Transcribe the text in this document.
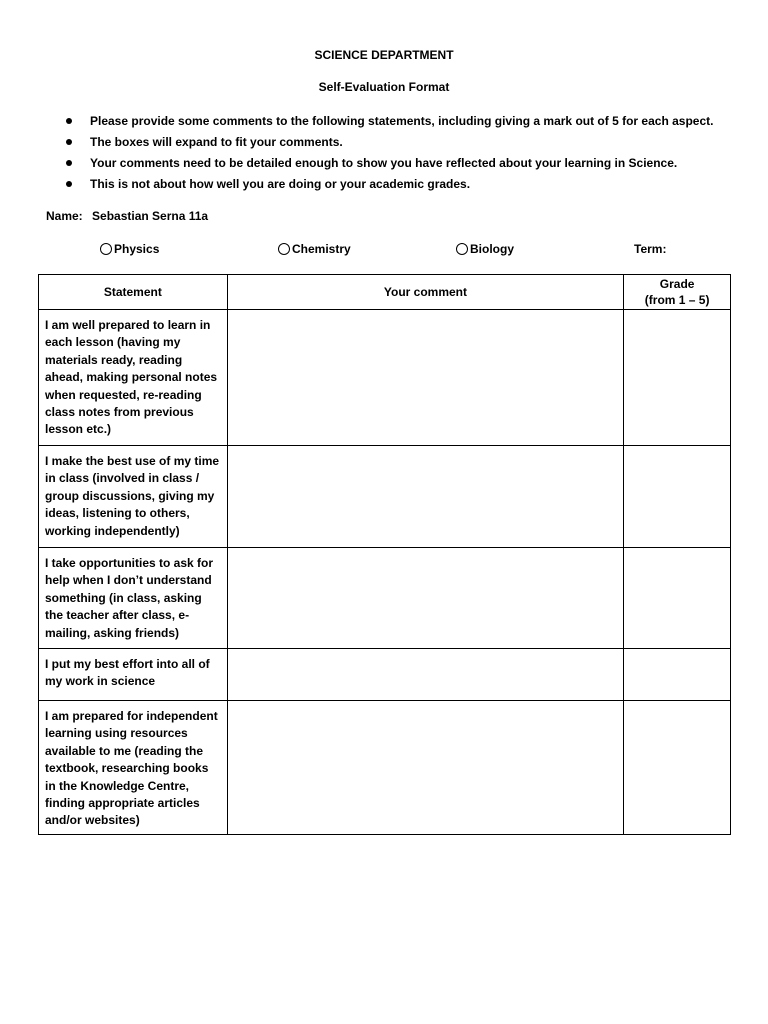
SCIENCE DEPARTMENT
Self-Evaluation Format
Please provide some comments to the following statements, including giving a mark out of 5 for each aspect.
The boxes will expand to fit your comments.
Your comments need to be detailed enough to show you have reflected about your learning in Science.
This is not about how well you are doing or your academic grades.
Name: Sebastian Serna 11a
Physics	Chemistry	Biology	Term:
Statement	Your comment	Grade
(from 1 – 5)

I am well prepared to learn in each lesson (having my materials ready, reading ahead, making personal notes when requested, re-reading class notes from previous lesson etc.)		

I make the best use of my time in class (involved in class / group discussions, giving my ideas, listening to others, working independently)		

I take opportunities to ask for help when I don’t understand something (in class, asking the teacher after class, e-mailing, asking friends)		

I put my best effort into all of my work in science		

I am prepared for independent learning using resources available to me (reading the textbook, researching books in the Knowledge Centre, finding appropriate articles and/or websites)		
